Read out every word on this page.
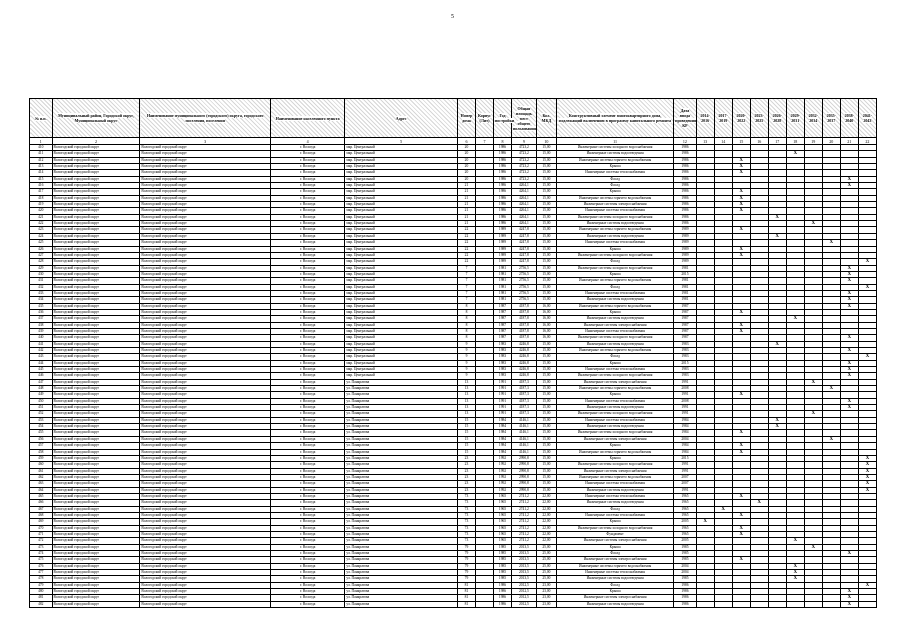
5
№ п.п.	Муниципальный район, Городской округ, Муниципальный округ	Наименование муниципального (городского) округа, городского поселения, поселения	Наименование населенного пункта	Адрес	Номер дома	Корпус (Лит)	Год постройки	Общая площадь мест общего пользования	Кол. МКД	Конструктивный элемент многоквартирного дома, подлежащий включению в программу капитального ремонта	Дата ввода проведения КР	2014-2016	2017-2019	2020-2022	2023-2025	2026-2028	2029-2031	2032-2034	2035-2037	2038-2040	2041-2043
1	2	3	4	5	6	7	8	9	10	11	12	13	14	15	16	17	18	19	20	21	22
410	Вологодский городской округ	Вологодский городской округ	г. Вологда	мкр. Центральный	20		1986	4723,2	15,00	Инженерные системы холодного водоснабжения	1986										
411	Вологодский городской округ	Вологодский городской округ	г. Вологда	мкр. Центральный	20		1986	4723,2	15,00	Инженерные системы водоотведения	1986						X				
412	Вологодский городской округ	Вологодский городской округ	г. Вологда	мкр. Центральный	20		1986	4723,2	15,00	Инженерные системы горячего водоснабжения	1986			X							
413	Вологодский городской округ	Вологодский городской округ	г. Вологда	мкр. Центральный	20		1986	4723,2	15,00	Крыша	1986			X							
414	Вологодский городской округ	Вологодский городской округ	г. Вологда	мкр. Центральный	20		1986	4723,2	15,00	Инженерные системы теплоснабжения	1986			X							
415	Вологодский городской округ	Вологодский городской округ	г. Вологда	мкр. Центральный	20		1986	4723,2	15,00	Фасад	1986									X	
416	Вологодский городской округ	Вологодский городской округ	г. Вологда	мкр. Центральный	21		1986	4264,1	15,00	Фасад	1986									X	
417	Вологодский городской округ	Вологодский городской округ	г. Вологда	мкр. Центральный	21		1986	4264,1	15,00	Крыша	1986			X							
418	Вологодский городской округ	Вологодский городской округ	г. Вологда	мкр. Центральный	21		1986	4264,1	15,00	Инженерные системы горячего водоснабжения	1986			X							
419	Вологодский городской округ	Вологодский городской округ	г. Вологда	мкр. Центральный	21		1986	4264,1	15,00	Инженерные системы электроснабжения	1986			X							
420	Вологодский городской округ	Вологодский городской округ	г. Вологда	мкр. Центральный	21		1986	4264,1	15,00	Инженерные системы теплоснабжения	1986			X							
421	Вологодский городской округ	Вологодский городской округ	г. Вологда	мкр. Центральный	21		1986	4264,1	15,00	Инженерные системы холодного водоснабжения	1986					X					
422	Вологодский городской округ	Вологодский городской округ	г. Вологда	мкр. Центральный	21		1986	4264,1	15,00	Инженерные системы водоотведения	1986							X			
423	Вологодский городской округ	Вологодский городской округ	г. Вологда	мкр. Центральный	22		1989	4247,8	15,00	Инженерные системы горячего водоснабжения	1989			X							
424	Вологодский городской округ	Вологодский городской округ	г. Вологда	мкр. Центральный	22		1989	4247,8	15,00	Инженерные системы водоотведения	1989					X					
425	Вологодский городской округ	Вологодский городской округ	г. Вологда	мкр. Центральный	22		1989	4247,8	15,00	Инженерные системы теплоснабжения	1989								X		
426	Вологодский городской округ	Вологодский городской округ	г. Вологда	мкр. Центральный	22		1989	4247,8	15,00	Крыша	1989			X							
427	Вологодский городской округ	Вологодский городской округ	г. Вологда	мкр. Центральный	22		1989	4247,8	15,00	Инженерные системы холодного водоснабжения	1989			X							
428	Вологодский городской округ	Вологодский городской округ	г. Вологда	мкр. Центральный	22		1989	4247,8	15,00	Фасад	1989										X
429	Вологодский городской округ	Вологодский городской округ	г. Вологда	мкр. Центральный	7		1981	2756,5	15,00	Инженерные системы холодного водоснабжения	1981									X	
430	Вологодский городской округ	Вологодский городской округ	г. Вологда	мкр. Центральный	7		1981	2756,5	15,00	Крыша	2015									X	
431	Вологодский городской округ	Вологодский городской округ	г. Вологда	мкр. Центральный	7		1981	2756,5	15,00	Инженерные системы горячего водоснабжения	1981									X	
432	Вологодский городской округ	Вологодский городской округ	г. Вологда	мкр. Центральный	7		1981	2756,5	15,00	Фасад	1981										X
433	Вологодский городской округ	Вологодский городской округ	г. Вологда	мкр. Центральный	7		1981	2756,5	15,00	Инженерные системы теплоснабжения	1981									X	
434	Вологодский городской округ	Вологодский городской округ	г. Вологда	мкр. Центральный	7		1981	2756,5	15,00	Инженерные системы водоотведения	1981									X	
435	Вологодский городской округ	Вологодский городской округ	г. Вологда	мкр. Центральный	8		1987	4187,8	16,00	Инженерные системы горячего водоснабжения	1987									X	
436	Вологодский городской округ	Вологодский городской округ	г. Вологда	мкр. Центральный	8		1987	4187,8	16,00	Крыша	1987			X							
437	Вологодский городской округ	Вологодский городской округ	г. Вологда	мкр. Центральный	8		1987	4187,8	16,00	Инженерные системы водоотведения	1987						X				
438	Вологодский городской округ	Вологодский городской округ	г. Вологда	мкр. Центральный	8		1987	4187,8	16,00	Инженерные системы электроснабжения	1987			X							
439	Вологодский городской округ	Вологодский городской округ	г. Вологда	мкр. Центральный	8		1987	4187,8	16,00	Инженерные системы теплоснабжения	1987			X							
440	Вологодский городской округ	Вологодский городской округ	г. Вологда	мкр. Центральный	8		1987	4187,8	16,00	Инженерные системы холодного водоснабжения	1987									X	
441	Вологодский городской округ	Вологодский городской округ	г. Вологда	мкр. Центральный	9		1983	4246,8	15,00	Инженерные системы водоотведения	1983					X					
442	Вологодский городской округ	Вологодский городской округ	г. Вологда	мкр. Центральный	9		1983	4246,8	15,00	Инженерные системы горячего водоснабжения	1983									X	
443	Вологодский городской округ	Вологодский городской округ	г. Вологда	мкр. Центральный	9		1983	4246,8	15,00	Фасад	1983										X
444	Вологодский городской округ	Вологодский городской округ	г. Вологда	мкр. Центральный	9		1983	4246,8	15,00	Крыша	2015									X	
445	Вологодский городской округ	Вологодский городской округ	г. Вологда	мкр. Центральный	9		1983	4246,8	15,00	Инженерные системы теплоснабжения	1983									X	
446	Вологодский городской округ	Вологодский городской округ	г. Вологда	мкр. Центральный	9		1983	4246,8	15,00	Инженерные системы холодного водоснабжения	1983									X	
447	Вологодский городской округ	Вологодский городской округ	г. Вологда	ул. Панкратова	13		1991	4187,3	15,00	Инженерные системы электроснабжения	1991							X			
448	Вологодский городской округ	Вологодский городской округ	г. Вологда	ул. Панкратова	13		1991	4187,3	15,00	Инженерные системы горячего водоснабжения	2008								X		
449	Вологодский городской округ	Вологодский городской округ	г. Вологда	ул. Панкратова	13		1991	4187,3	15,00	Крыша	1991			X							
450	Вологодский городской округ	Вологодский городской округ	г. Вологда	ул. Панкратова	13		1991	4187,3	15,00	Инженерные системы теплоснабжения	2008									X	
451	Вологодский городской округ	Вологодский городской округ	г. Вологда	ул. Панкратова	13		1991	4187,3	15,00	Инженерные системы водоотведения	1991									X	
452	Вологодский городской округ	Вологодский городской округ	г. Вологда	ул. Панкратова	13		1991	4187,3	15,00	Инженерные системы холодного водоснабжения	1991							X			
453	Вологодский городской округ	Вологодский городской округ	г. Вологда	ул. Панкратова	15		1984	4146,1	15,00	Инженерные системы теплоснабжения	1984					X					
454	Вологодский городской округ	Вологодский городской округ	г. Вологда	ул. Панкратова	15		1984	4146,1	15,00	Инженерные системы водоотведения	1984					X					
455	Вологодский городской округ	Вологодский городской округ	г. Вологда	ул. Панкратова	15		1984	4146,1	15,00	Инженерные системы холодного водоснабжения	1984			X							
456	Вологодский городской округ	Вологодский городской округ	г. Вологда	ул. Панкратова	15		1984	4146,1	15,00	Инженерные системы электроснабжения	2004								X		
457	Вологодский городской округ	Вологодский городской округ	г. Вологда	ул. Панкратова	15		1984	4146,1	15,00	Крыша	1984			X							
458	Вологодский городской округ	Вологодский городской округ	г. Вологда	ул. Панкратова	15		1984	4146,1	15,00	Инженерные системы горячего водоснабжения	1984			X							
459	Вологодский городской округ	Вологодский городской округ	г. Вологда	ул. Панкратова	23		1992	2990,8	15,00	Крыша	2015										X
460	Вологодский городской округ	Вологодский городской округ	г. Вологда	ул. Панкратова	23		1992	2990,8	15,00	Инженерные системы холодного водоснабжения	1991										X
461	Вологодский городской округ	Вологодский городской округ	г. Вологда	ул. Панкратова	23		1992	2990,8	15,00	Инженерные системы электроснабжения	1991										X
462	Вологодский городской округ	Вологодский городской округ	г. Вологда	ул. Панкратова	23		1992	2990,8	15,00	Инженерные системы горячего водоснабжения	2007										X
463	Вологодский городской округ	Вологодский городской округ	г. Вологда	ул. Панкратова	23		1992	2990,8	15,00	Инженерные системы теплоснабжения	2007										X
464	Вологодский городской округ	Вологодский городской округ	г. Вологда	ул. Панкратова	23		1992	2990,8	15,00	Инженерные системы водоотведения	1991										X
465	Вологодский городской округ	Вологодский городской округ	г. Вологда	ул. Панкратова	73		1965	2741,2	22,00	Инженерные системы теплоснабжения	1965			X							
466	Вологодский городской округ	Вологодский городской округ	г. Вологда	ул. Панкратова	73		1965	2741,2	22,00	Инженерные системы водоотведения	1965				X						
467	Вологодский городской округ	Вологодский городской округ	г. Вологда	ул. Панкратова	73		1965	2741,2	22,00	Фасад	1965		X								
468	Вологодский городской округ	Вологодский городской округ	г. Вологда	ул. Панкратова	73		1965	2741,2	22,00	Инженерные системы теплоснабжения	1965			X							
469	Вологодский городской округ	Вологодский городской округ	г. Вологда	ул. Панкратова	73		1965	2741,2	22,00	Крыша	2005	X									
470	Вологодский городской округ	Вологодский городской округ	г. Вологда	ул. Панкратова	73		1965	2741,2	22,00	Инженерные системы холодного водоснабжения	1965			X							
471	Вологодский городской округ	Вологодский городской округ	г. Вологда	ул. Панкратова	73		1965	2741,2	22,00	Фундамент	1965			X							
472	Вологодский городской округ	Вологодский городской округ	г. Вологда	ул. Панкратова	73		1965	2741,2	22,00	Инженерные системы электроснабжения	2005						X				
473	Вологодский городской округ	Вологодский городской округ	г. Вологда	ул. Панкратова	79		1985	2013,5	25,00	Крыша	1985							X			
474	Вологодский городской округ	Вологодский городской округ	г. Вологда	ул. Панкратова	79		1985	2013,5	25,00	Фасад	1985									X	
475	Вологодский городской округ	Вологодский городской округ	г. Вологда	ул. Панкратова	79		1985	2013,5	25,00	Инженерные системы электроснабжения	1985			X							
476	Вологодский городской округ	Вологодский городской округ	г. Вологда	ул. Панкратова	79		1985	2013,5	25,00	Инженерные системы горячего водоснабжения	2004						X				
477	Вологодский городской округ	Вологодский городской округ	г. Вологда	ул. Панкратова	79		1985	2013,5	25,00	Инженерные системы теплоснабжения	2004						X				
478	Вологодский городской округ	Вологодский городской округ	г. Вологда	ул. Панкратова	79		1985	2013,5	25,00	Инженерные системы водоотведения	1985						X				
479	Вологодский городской округ	Вологодский городской округ	г. Вологда	ул. Панкратова	81		1986	2012,5	23,00	Фасад	1986										X
480	Вологодский городской округ	Вологодский городской округ	г. Вологда	ул. Панкратова	81		1986	2012,5	23,00	Крыша	1986									X	
481	Вологодский городской округ	Вологодский городской округ	г. Вологда	ул. Панкратова	81		1986	2012,5	23,00	Инженерные системы электроснабжения	1986									X	
482	Вологодский городской округ	Вологодский городской округ	г. Вологда	ул. Панкратова	81		1986	2012,5	23,00	Инженерные системы водоотведения	1986									X	
